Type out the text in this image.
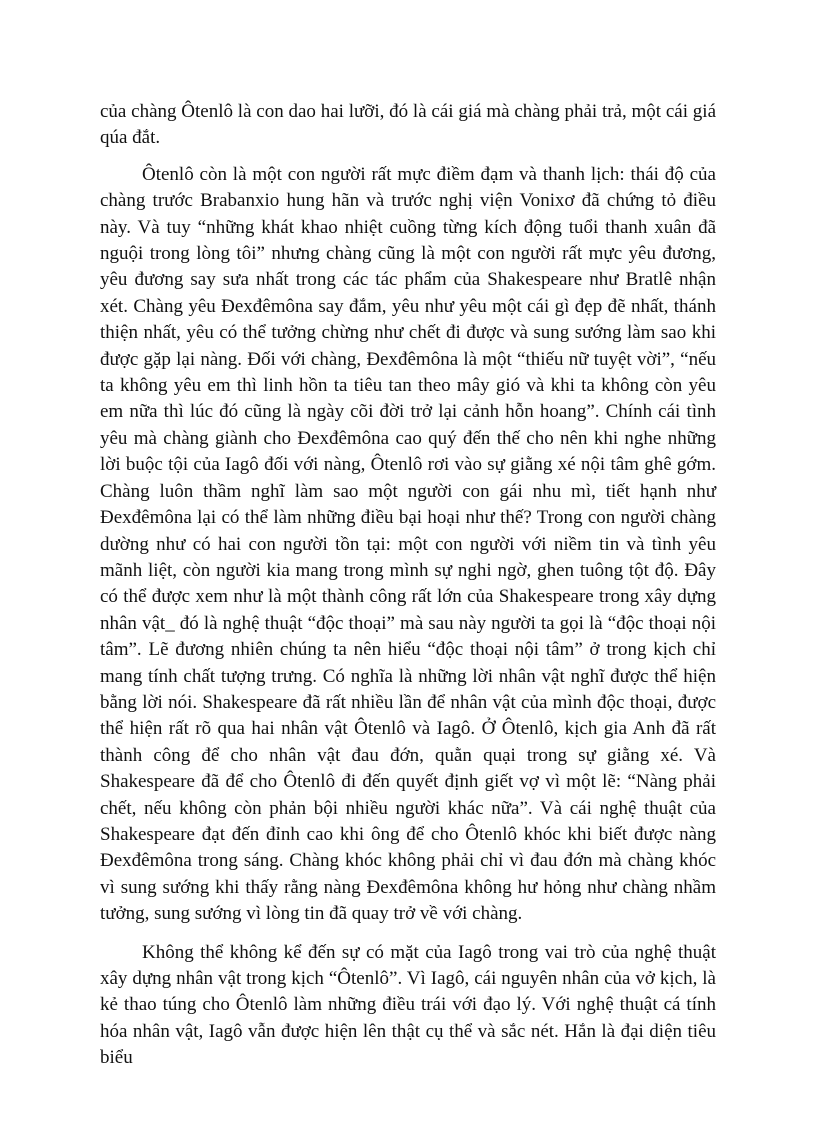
của chàng Ôtenlô là con dao hai lưỡi, đó là cái giá mà chàng phải trả, một cái giá qúa đắt.

Ôtenlô còn là một con người rất mực điềm đạm và thanh lịch: thái độ của chàng trước Brabanxio hung hãn và trước nghị viện Vonixơ đã chứng tỏ điều này. Và tuy “những khát khao nhiệt cuồng từng kích động tuổi thanh xuân đã nguội trong lòng tôi” nhưng chàng cũng là một con người rất mực yêu đương, yêu đương say sưa nhất trong các tác phẩm của Shakespeare như Bratlê nhận xét. Chàng yêu Đexđêmôna say đắm, yêu như yêu một cái gì đẹp đẽ nhất, thánh thiện nhất, yêu có thể tưởng chừng như chết đi được và sung sướng làm sao khi được gặp lại nàng. Đối với chàng, Đexđêmôna là một “thiếu nữ tuyệt vời”, “nếu ta không yêu em thì linh hồn ta tiêu tan theo mây gió và khi ta không còn yêu em nữa thì lúc đó cũng là ngày cõi đời trở lại cảnh hỗn hoang”. Chính cái tình yêu mà chàng giành cho Đexđêmôna cao quý đến thế cho nên khi nghe những lời buộc tội của Iagô đối với nàng, Ôtenlô rơi vào sự giằng xé nội tâm ghê gớm. Chàng luôn thầm nghĩ làm sao một người con gái nhu mì, tiết hạnh như Đexđêmôna lại có thể làm những điều bại hoại như thế? Trong con người chàng dường như có hai con người tồn tại: một con người với niềm tin và tình yêu mãnh liệt, còn người kia mang trong mình sự nghi ngờ, ghen tuông tột độ. Đây có thể được xem như là một thành công rất lớn của Shakespeare trong xây dựng nhân vật_ đó là nghệ thuật “độc thoại” mà sau này người ta gọi là “độc thoại nội tâm”. Lẽ đương nhiên chúng ta nên hiểu “độc thoại nội tâm” ở trong kịch chỉ mang tính chất tượng trưng. Có nghĩa là những lời nhân vật nghĩ được thể hiện bằng lời nói. Shakespeare đã rất nhiều lần để nhân vật của mình độc thoại, được thể hiện rất rõ qua hai nhân vật Ôtenlô và Iagô. Ở Ôtenlô, kịch gia Anh đã rất thành công để cho nhân vật đau đớn, quằn quại trong sự giằng xé. Và Shakespeare đã để cho Ôtenlô đi đến quyết định giết vợ vì một lẽ: “Nàng phải chết, nếu không còn phản bội nhiều người khác nữa”. Và cái nghệ thuật của Shakespeare đạt đến đỉnh cao khi ông để cho Ôtenlô khóc khi biết được nàng Đexđêmôna trong sáng. Chàng khóc không phải chỉ vì đau đớn mà chàng khóc vì sung sướng khi thấy rằng nàng Đexđêmôna không hư hỏng như chàng nhầm tưởng, sung sướng vì lòng tin đã quay trở về với chàng.

Không thể không kể đến sự có mặt của Iagô trong vai trò của nghệ thuật xây dựng nhân vật trong kịch “Ôtenlô”. Vì Iagô, cái nguyên nhân của vở kịch, là kẻ thao túng cho Ôtenlô làm những điều trái với đạo lý. Với nghệ thuật cá tính hóa nhân vật, Iagô vẫn được hiện lên thật cụ thể và sắc nét. Hắn là đại diện tiêu biểu
